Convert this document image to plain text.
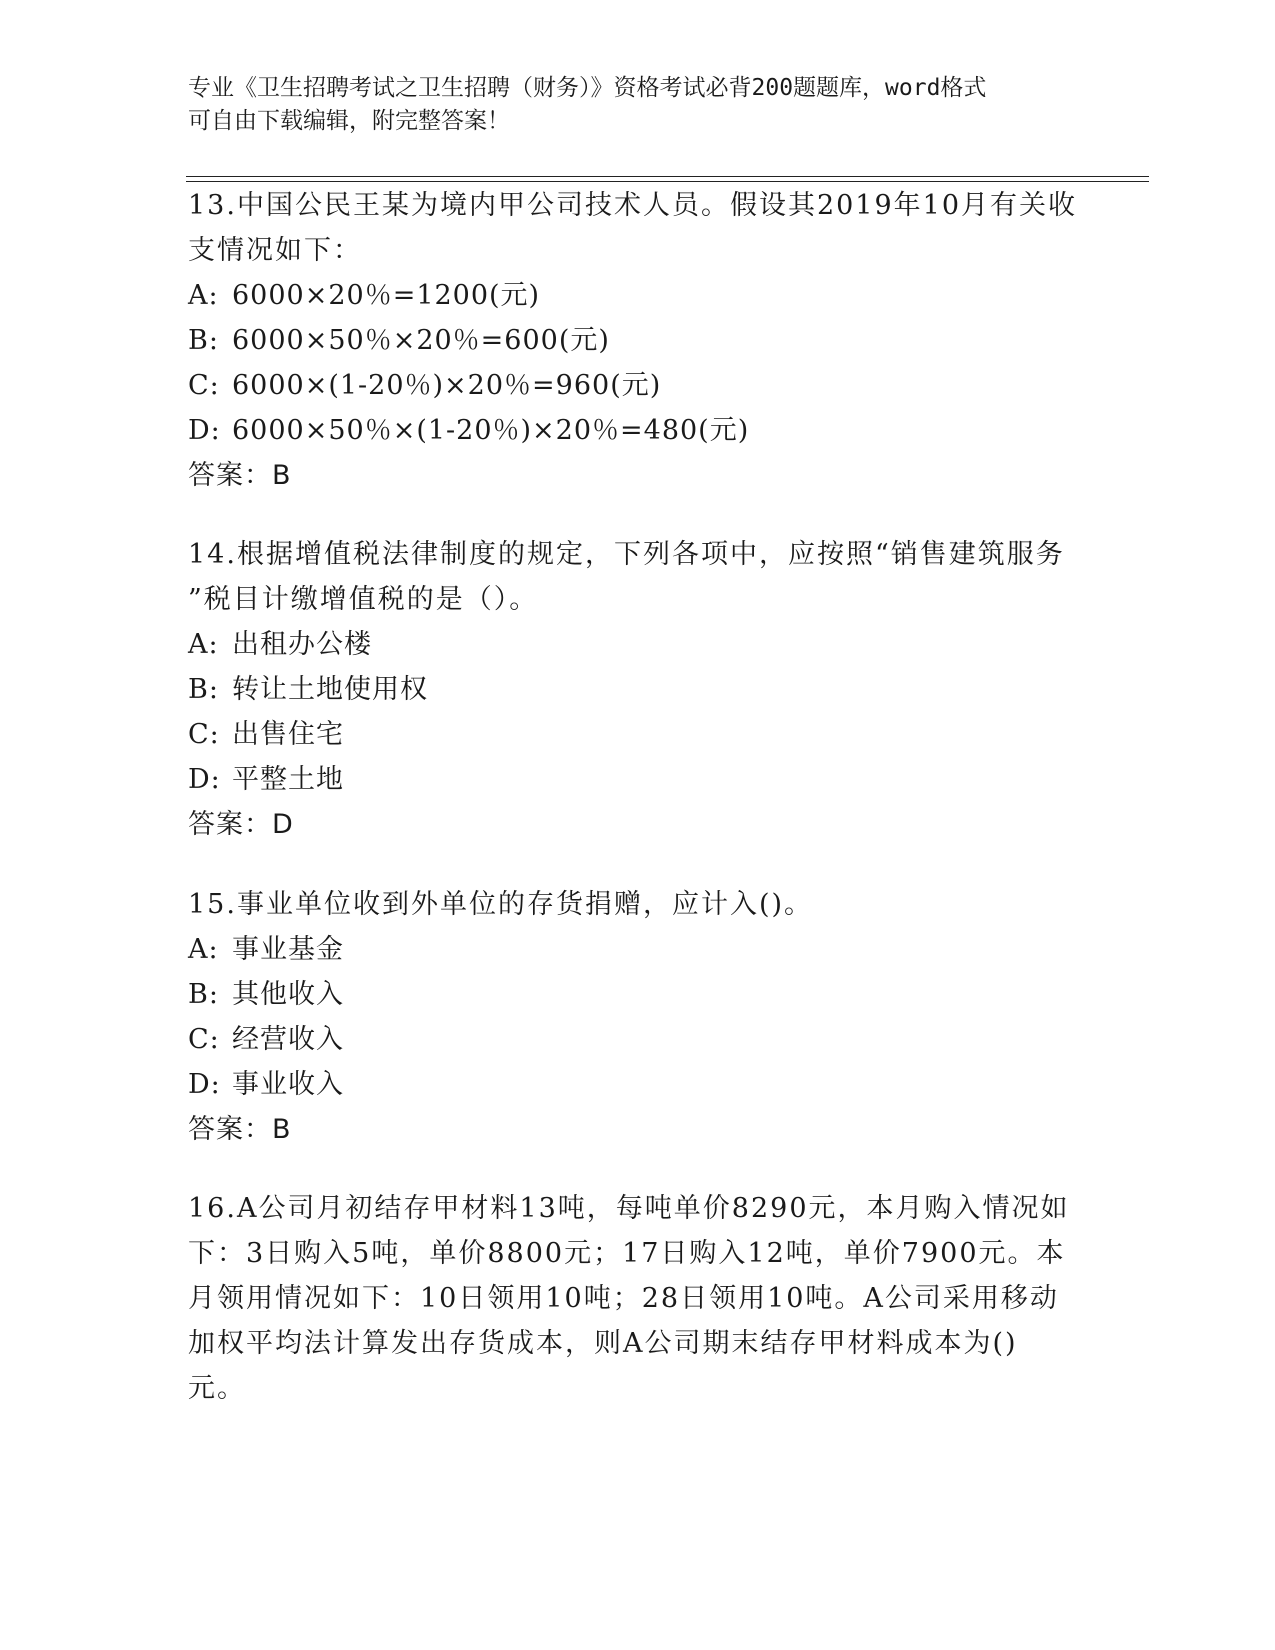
专业《卫生招聘考试之卫生招聘（财务）》资格考试必背200题题库，word格式
可自由下载编辑，附完整答案！
13.中国公民王某为境内甲公司技术人员。假设其2019年10月有关收
支情况如下：
A: 6000×20％=1200(元)
B: 6000×50％×20％=600(元)
C: 6000×(1-20％)×20％=960(元)
D: 6000×50％×(1-20％)×20％=480(元)
答案：B
14.根据增值税法律制度的规定，下列各项中，应按照“销售建筑服务
”税目计缴增值税的是（）。
A: 出租办公楼
B: 转让土地使用权
C: 出售住宅
D: 平整土地
答案：D
15.事业单位收到外单位的存货捐赠，应计入()。
A: 事业基金
B: 其他收入
C: 经营收入
D: 事业收入
答案：B
16.A公司月初结存甲材料13吨，每吨单价8290元，本月购入情况如
下：3日购入5吨，单价8800元；17日购入12吨，单价7900元。本
月领用情况如下：10日领用10吨；28日领用10吨。A公司采用移动
加权平均法计算发出存货成本，则A公司期末结存甲材料成本为()
元。
